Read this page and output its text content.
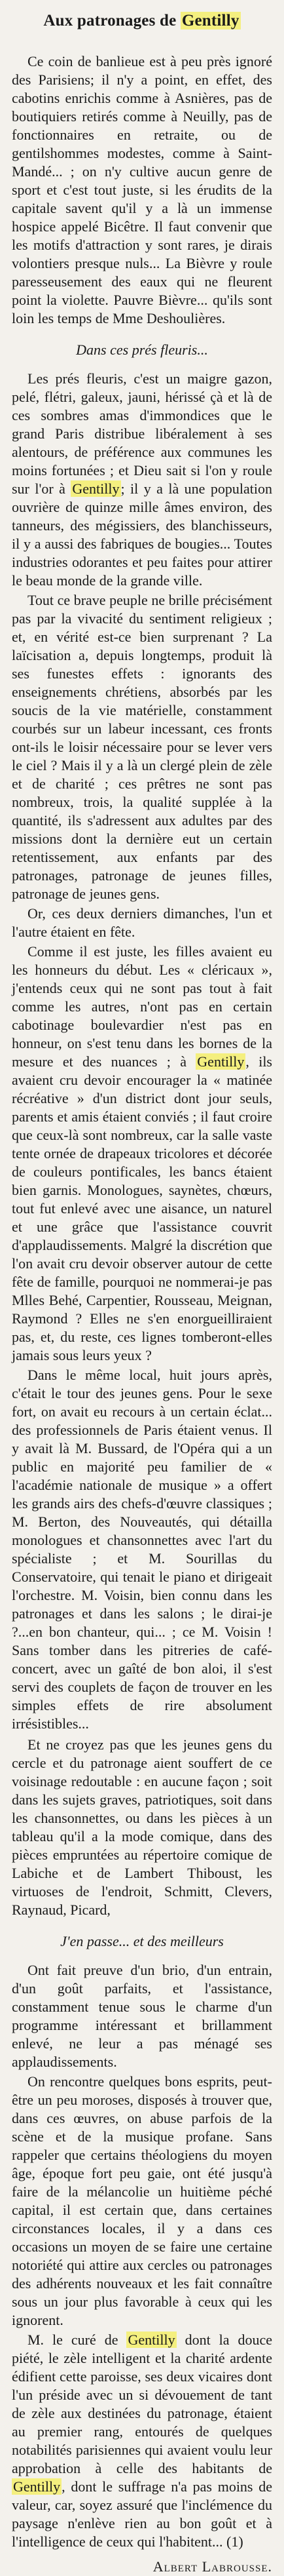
Aux patronages de Gentilly

Ce coin de banlieue est à peu près ignoré des Parisiens; il n'y a point, en effet, des cabotins enrichis comme à Asnières, pas de boutiquiers retirés comme à Neuilly, pas de fonctionnaires en retraite, ou de gentilshommes modestes, comme à Saint-Mandé... ; on n'y cultive aucun genre de sport et c'est tout juste, si les érudits de la capitale savent qu'il y a là un immense hospice appelé Bicêtre. Il faut convenir que les motifs d'attraction y sont rares, je dirais volontiers presque nuls... La Bièvre y roule paresseusement des eaux qui ne fleurent point la violette. Pauvre Bièvre... qu'ils sont loin les temps de Mme Deshoulières.

Dans ces prés fleuris...

Les prés fleuris, c'est un maigre gazon, pelé, flétri, galeux, jauni, hérissé çà et là de ces sombres amas d'immondices que le grand Paris distribue libéralement à ses alentours, de préférence aux communes les moins fortunées ; et Dieu sait si l'on y roule sur l'or à Gentilly; il y a là une population ouvrière de quinze mille âmes environ, des tanneurs, des mégissiers, des blanchisseurs, il y a aussi des fabriques de bougies... Toutes industries odorantes et peu faites pour attirer le beau monde de la grande ville.

Tout ce brave peuple ne brille précisément pas par la vivacité du sentiment religieux ; et, en vérité est-ce bien surprenant ? La laïcisation a, depuis longtemps, produit là ses funestes effets : ignorants des enseignements chrétiens, absorbés par les soucis de la vie matérielle, constamment courbés sur un labeur incessant, ces fronts ont-ils le loisir nécessaire pour se lever vers le ciel ? Mais il y a là un clergé plein de zèle et de charité ; ces prêtres ne sont pas nombreux, trois, la qualité supplée à la quantité, ils s'adressent aux adultes par des missions dont la dernière eut un certain retentissement, aux enfants par des patronages, patronage de jeunes filles, patronage de jeunes gens.

Or, ces deux derniers dimanches, l'un et l'autre étaient en fête.

Comme il est juste, les filles avaient eu les honneurs du début. Les « cléricaux », j'entends ceux qui ne sont pas tout à fait comme les autres, n'ont pas en certain cabotinage boulevardier n'est pas en honneur, on s'est tenu dans les bornes de la mesure et des nuances ; à Gentilly, ils avaient cru devoir encourager la « matinée récréative » d'un district dont jour seuls, parents et amis étaient conviés ; il faut croire que ceux-là sont nombreux, car la salle vaste tente ornée de drapeaux tricolores et décorée de couleurs pontificales, les bancs étaient bien garnis. Monologues, saynètes, chœurs, tout fut enlevé avec une aisance, un naturel et une grâce que l'assistance couvrit d'applaudissements. Malgré la discrétion que l'on avait cru devoir observer autour de cette fête de famille, pourquoi ne nommerai-je pas Mlles Behé, Carpentier, Rousseau, Meignan, Raymond ? Elles ne s'en enorgueilliraient pas, et, du reste, ces lignes tomberont-elles jamais sous leurs yeux ?

Dans le même local, huit jours après, c'était le tour des jeunes gens. Pour le sexe fort, on avait eu recours à un certain éclat... des professionnels de Paris étaient venus. Il y avait là M. Bussard, de l'Opéra qui a un public en majorité peu familier de « l'académie nationale de musique » a offert les grands airs des chefs-d'œuvre classiques ; M. Berton, des Nouveautés, qui détailla monologues et chansonnettes avec l'art du spécialiste ; et M. Sourillas du Conservatoire, qui tenait le piano et dirigeait l'orchestre. M. Voisin, bien connu dans les patronages et dans les salons ; le dirai-je ?...en bon chanteur, qui... ; ce M. Voisin ! Sans tomber dans les pitreries de café-concert, avec un gaîté de bon aloi, il s'est servi des couplets de façon de trouver en les simples effets de rire absolument irrésistibles...

Et ne croyez pas que les jeunes gens du cercle et du patronage aient souffert de ce voisinage redoutable : en aucune façon ; soit dans les sujets graves, patriotiques, soit dans les chansonnettes, ou dans les pièces à un tableau qu'il a la mode comique, dans des pièces empruntées au répertoire comique de Labiche et de Lambert Thiboust, les virtuoses de l'endroit, Schmitt, Clevers, Raynaud, Picard,

J'en passe... et des meilleurs

Ont fait preuve d'un brio, d'un entrain, d'un goût parfaits, et l'assistance, constamment tenue sous le charme d'un programme intéressant et brillamment enlevé, ne leur a pas ménagé ses applaudissements.

On rencontre quelques bons esprits, peut-être un peu moroses, disposés à trouver que, dans ces œuvres, on abuse parfois de la scène et de la musique profane. Sans rappeler que certains théologiens du moyen âge, époque fort peu gaie, ont été jusqu'à faire de la mélancolie un huitième péché capital, il est certain que, dans certaines circonstances locales, il y a dans ces occasions un moyen de se faire une certaine notoriété qui attire aux cercles ou patronages des adhérents nouveaux et les fait connaître sous un jour plus favorable à ceux qui les ignorent.

M. le curé de Gentilly dont la douce piété, le zèle intelligent et la charité ardente édifient cette paroisse, ses deux vicaires dont l'un préside avec un si dévouement de tant de zèle aux destinées du patronage, étaient au premier rang, entourés de quelques notabilités parisiennes qui avaient voulu leur approbation à celle des habitants de Gentilly, dont le suffrage n'a pas moins de valeur, car, soyez assuré que l'inclémence du paysage n'enlève rien au bon goût et à l'intelligence de ceux qui l'habitent... (1)

Albert Labrousse.
